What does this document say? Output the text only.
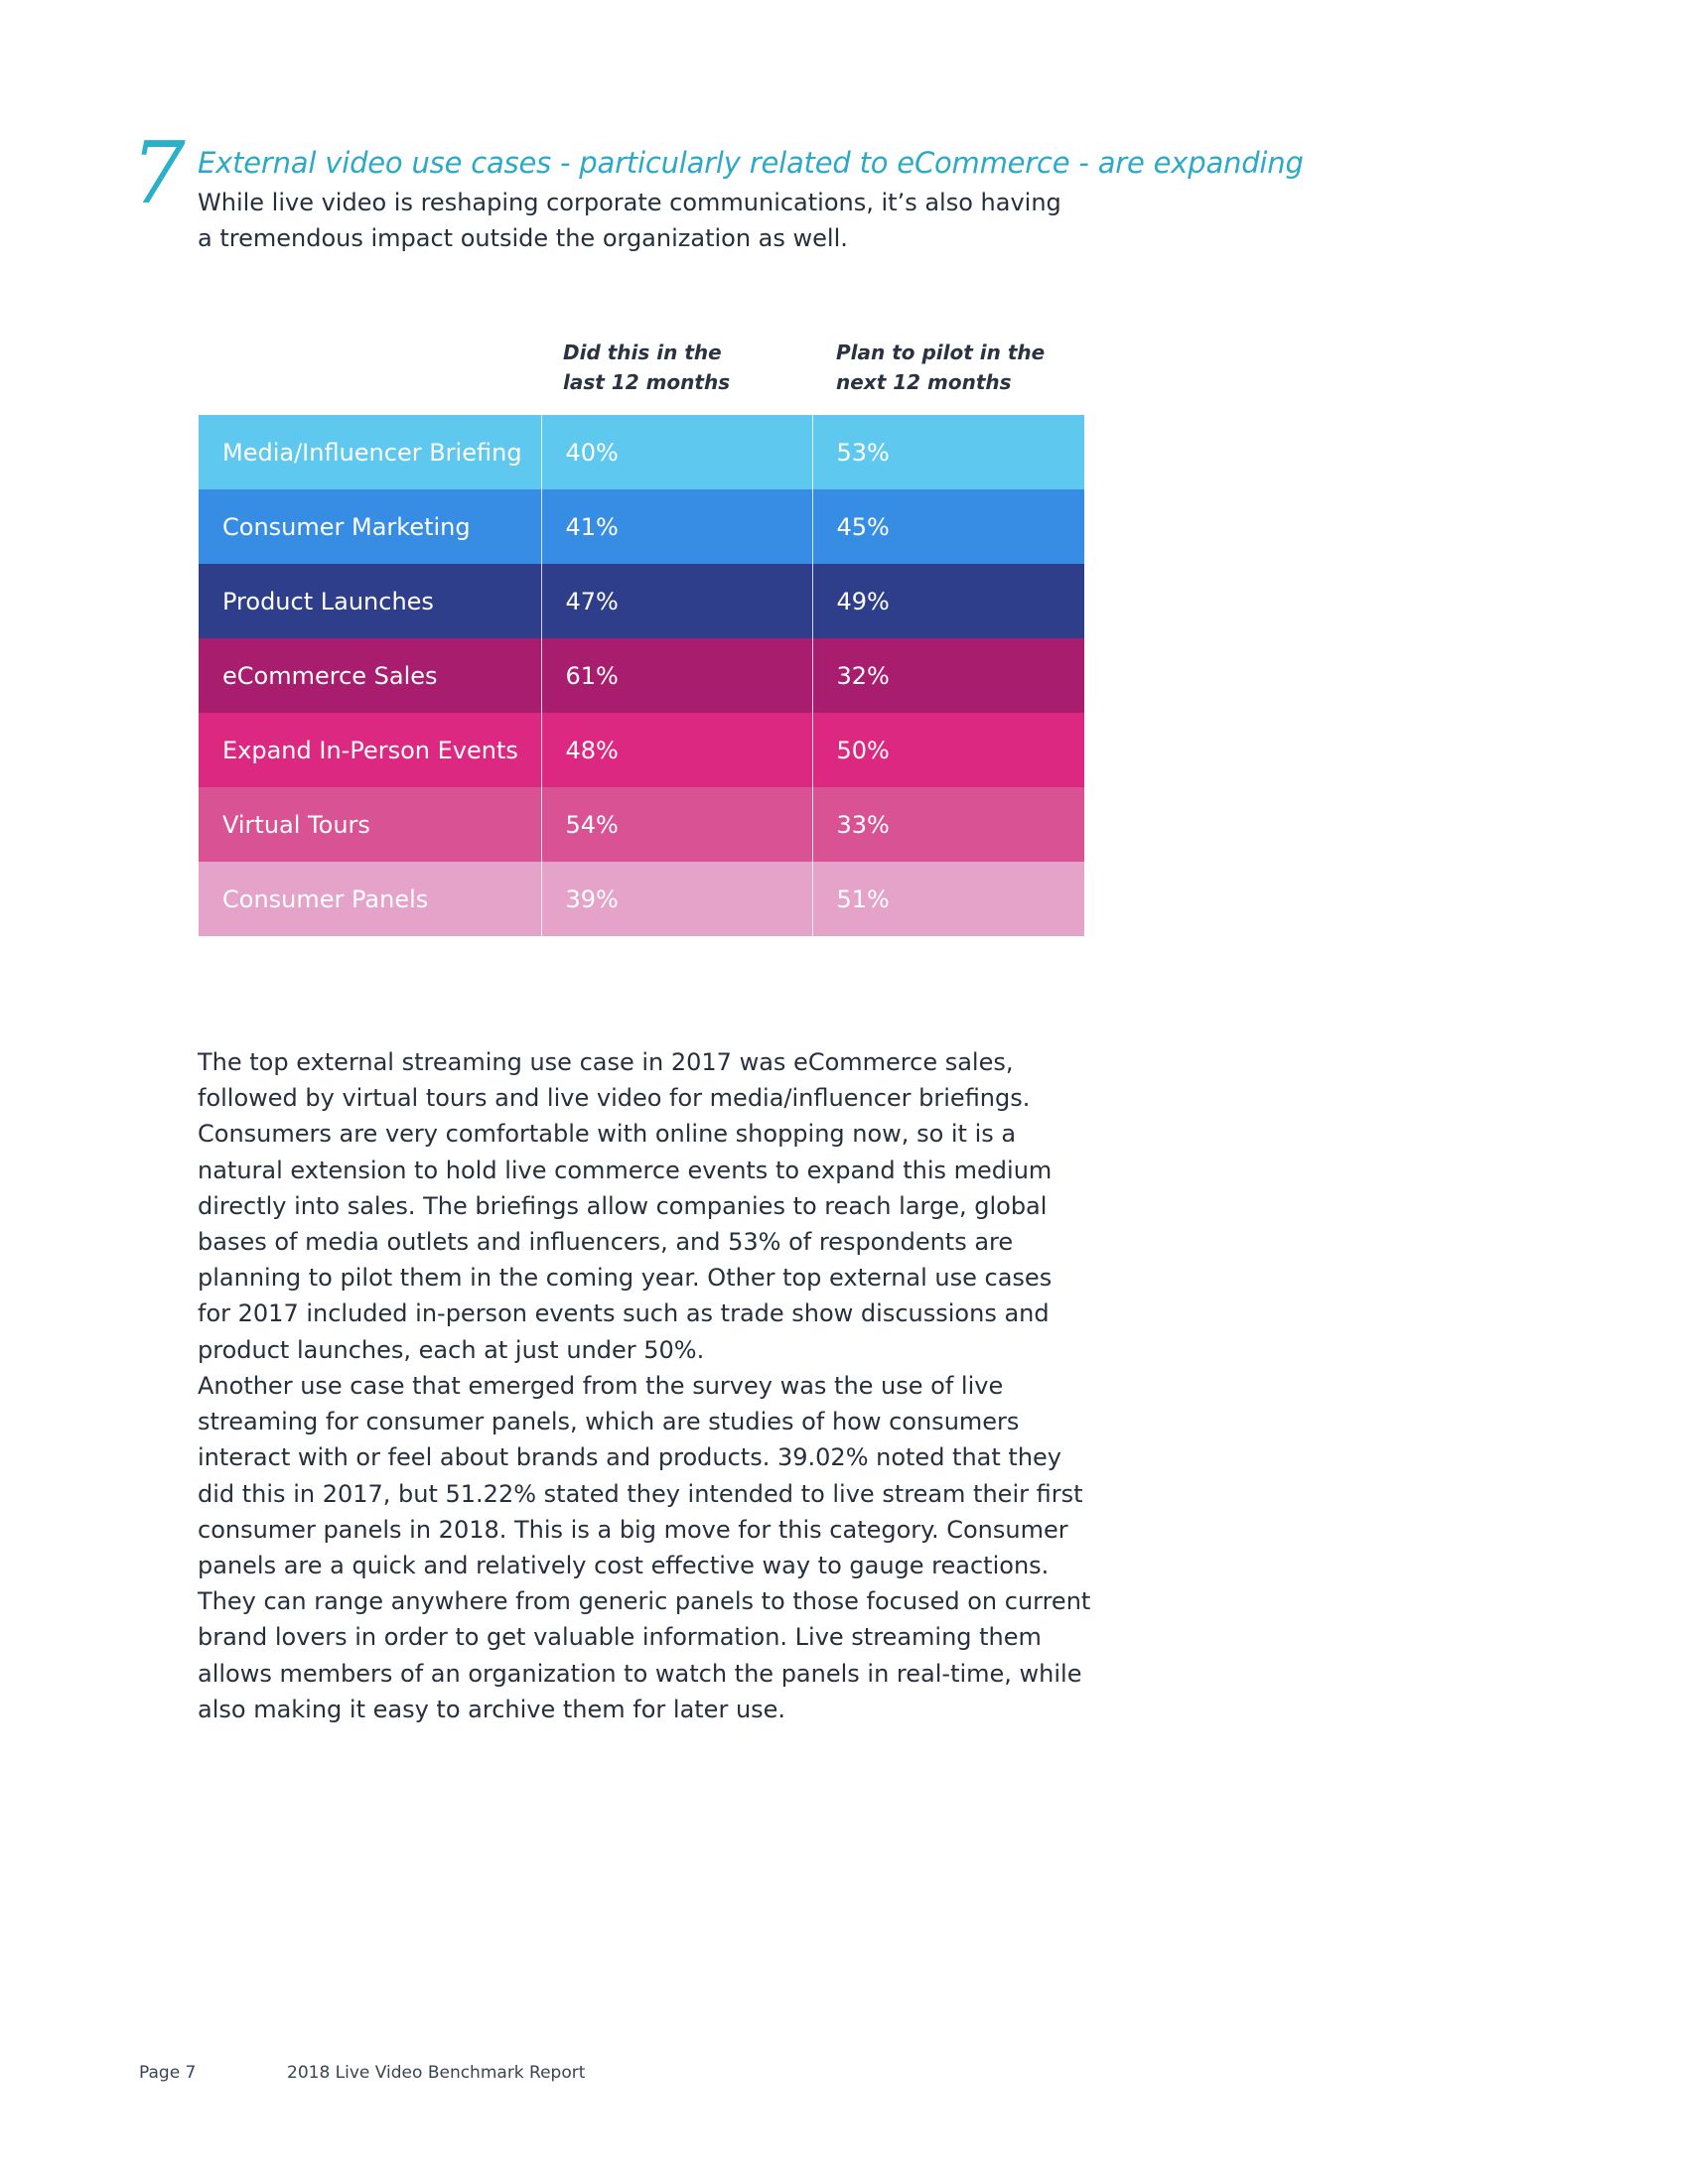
7 External video use cases - particularly related to eCommerce - are expanding

While live video is reshaping corporate communications, it’s also having a tremendous impact outside the organization as well.

Did this in the
last 12 months
Plan to pilot in the
next 12 months
Media/Influencer Briefing	40%	53%
Consumer Marketing	41%	45%
Product Launches	47%	49%
eCommerce Sales	61%	32%
Expand In-Person Events	48%	50%
Virtual Tours	54%	33%
Consumer Panels	39%	51%

The top external streaming use case in 2017 was eCommerce sales, followed by virtual tours and live video for media/influencer briefings. Consumers are very comfortable with online shopping now, so it is a natural extension to hold live commerce events to expand this medium directly into sales. The briefings allow companies to reach large, global bases of media outlets and influencers, and 53% of respondents are planning to pilot them in the coming year. Other top external use cases for 2017 included in-person events such as trade show discussions and product launches, each at just under 50%.

Another use case that emerged from the survey was the use of live streaming for consumer panels, which are studies of how consumers interact with or feel about brands and products. 39.02% noted that they did this in 2017, but 51.22% stated they intended to live stream their first consumer panels in 2018. This is a big move for this category. Consumer panels are a quick and relatively cost effective way to gauge reactions. They can range anywhere from generic panels to those focused on current brand lovers in order to get valuable information. Live streaming them allows members of an organization to watch the panels in real-time, while also making it easy to archive them for later use.

Page 7	2018 Live Video Benchmark Report
